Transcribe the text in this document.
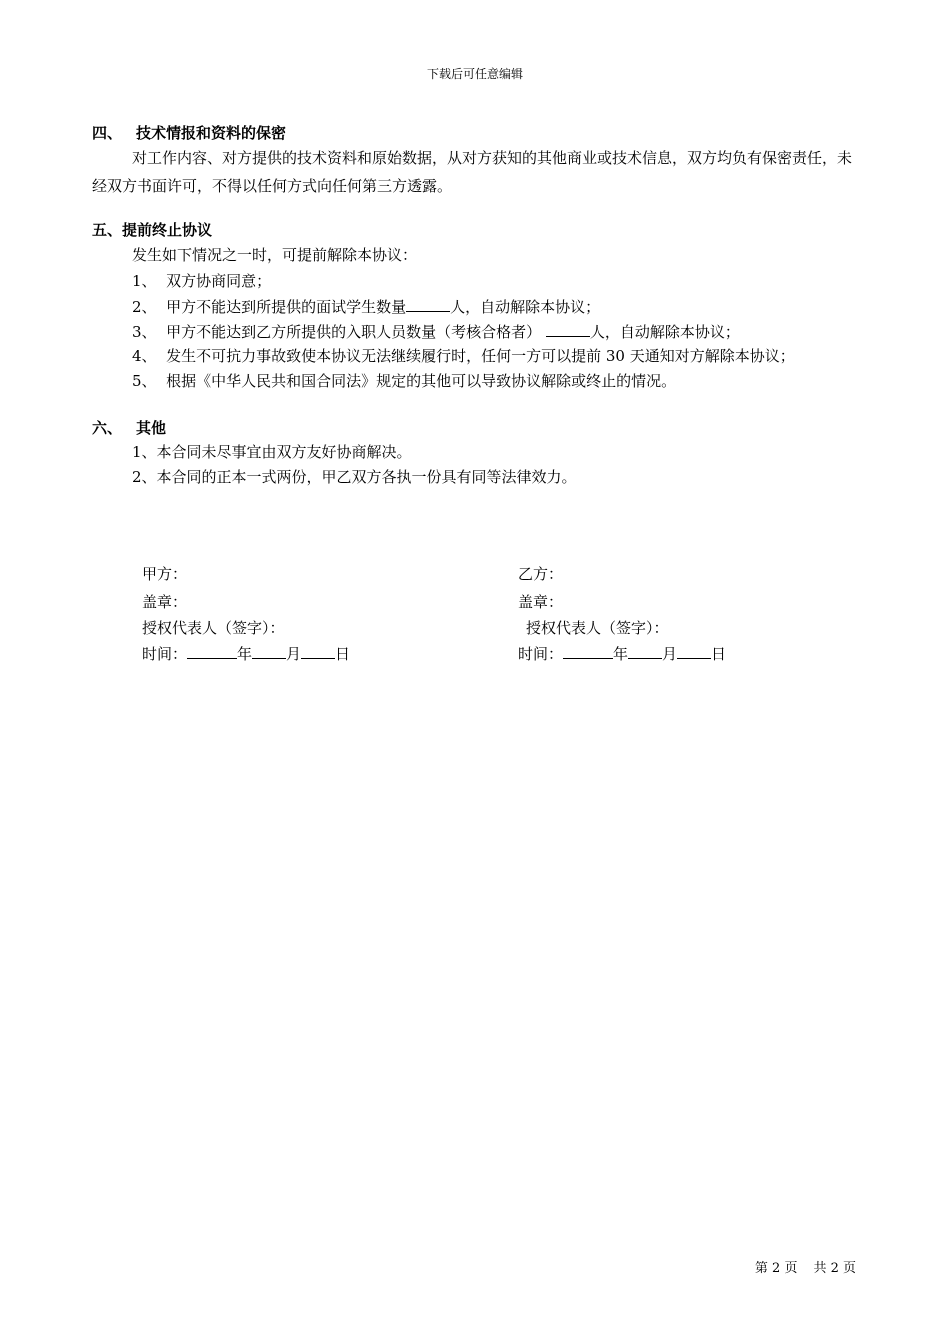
下载后可任意编辑
四、 技术情报和资料的保密
对工作内容、对方提供的技术资料和原始数据，从对方获知的其他商业或技术信息，双方均负有保密责任，未经双方书面许可，不得以任何方式向任何第三方透露。
五、提前终止协议
发生如下情况之一时，可提前解除本协议：
1、 双方协商同意；
2、 甲方不能达到所提供的面试学生数量	人，自动解除本协议；
3、 甲方不能达到乙方所提供的入职人员数量（考核合格者）	人，自动解除本协议；
4、 发生不可抗力事故致使本协议无法继续履行时，任何一方可以提前 30 天通知对方解除本协议；
5、 根据《中华人民共和国合同法》规定的其他可以导致协议解除或终止的情况。
六、 其他
1、本合同未尽事宜由双方友好协商解决。
2、本合同的正本一式两份，甲乙双方各执一份具有同等法律效力。
甲方：
盖章：
授权代表人（签字）：
时间：	年 月 日
乙方：
盖章：
授权代表人（签字）：
时间：	年 月 日
第 2 页 共 2 页
